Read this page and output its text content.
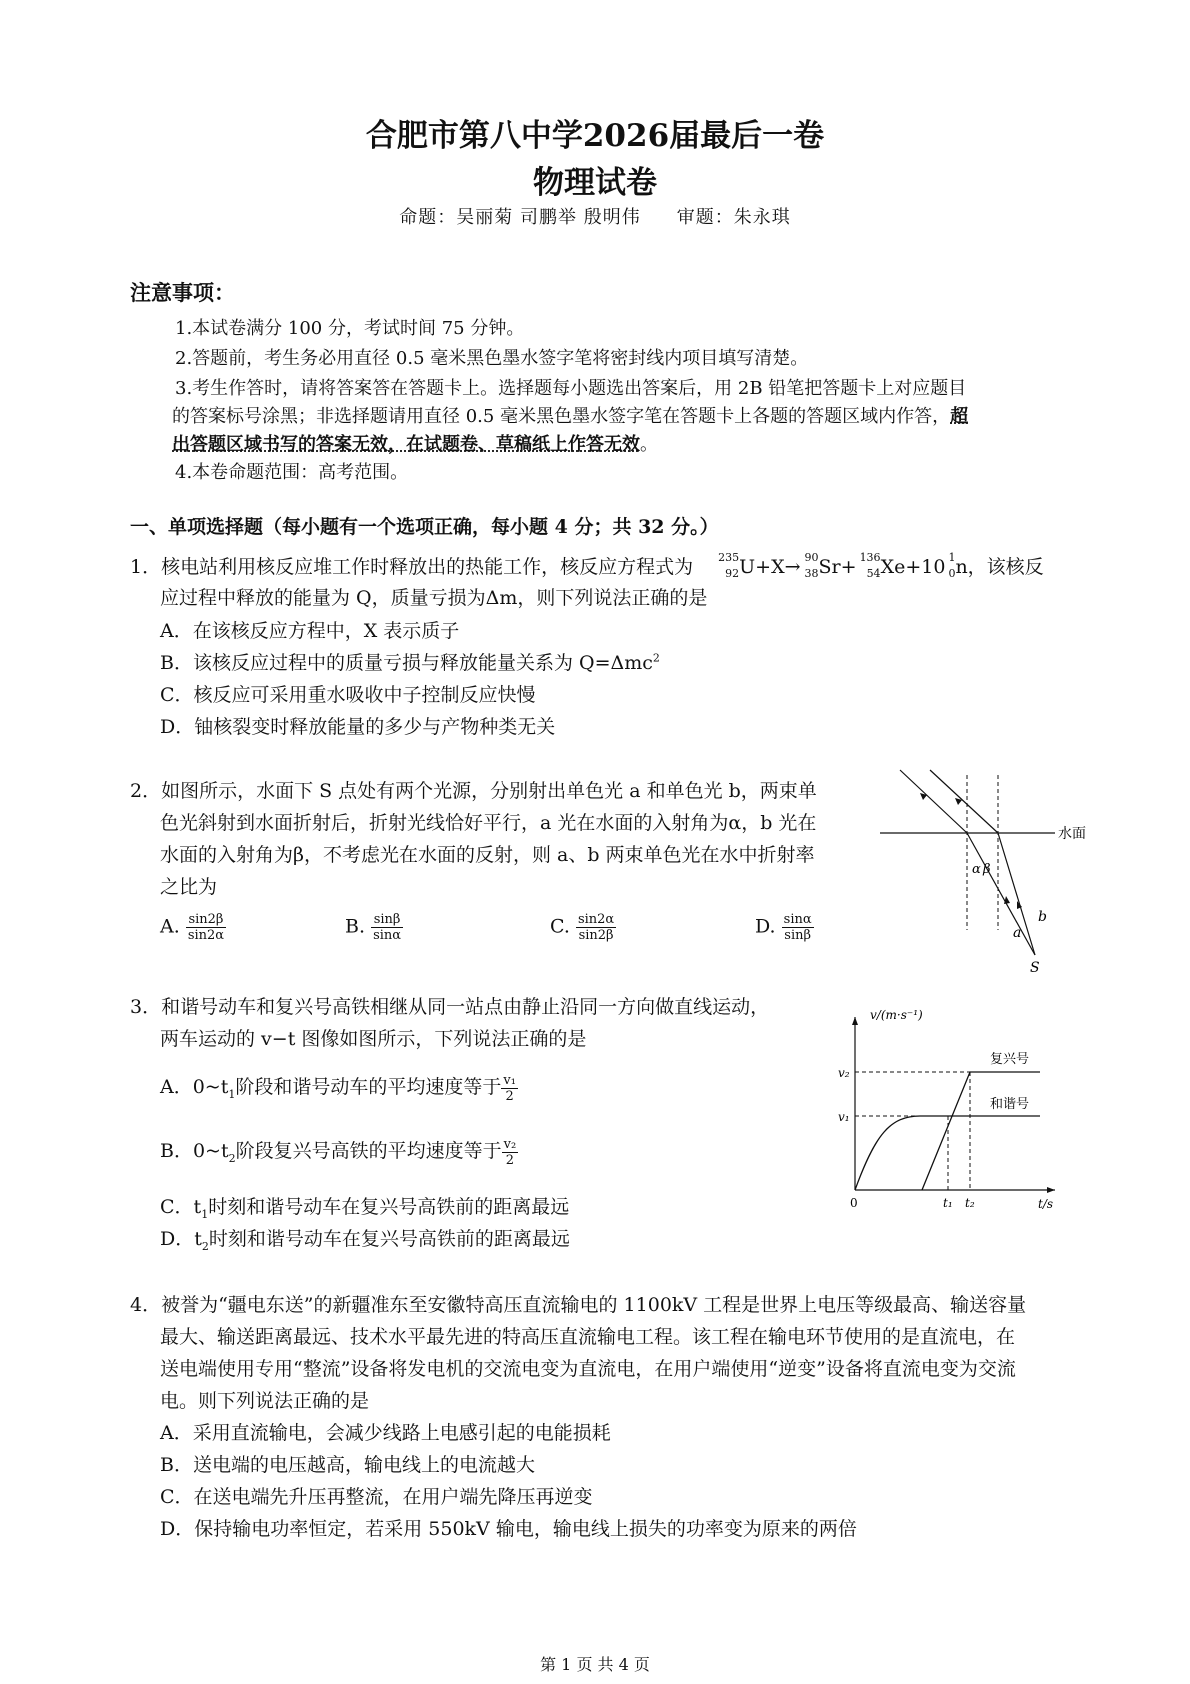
合肥市第八中学2026届最后一卷
物理试卷
命题：吴丽菊 司鹏举 殷明伟 审题：朱永琪
注意事项：
1.本试卷满分 100 分，考试时间 75 分钟。
2.答题前，考生务必用直径 0.5 毫米黑色墨水签字笔将密封线内项目填写清楚。
3.考生作答时，请将答案答在答题卡上。选择题每小题选出答案后，用 2B 铅笔把答题卡上对应题目
的答案标号涂黑；非选择题请用直径 0.5 毫米黑色墨水签字笔在答题卡上各题的答题区域内作答，超
出答题区域书写的答案无效，在试题卷、草稿纸上作答无效。
4.本卷命题范围：高考范围。
一、单项选择题（每小题有一个选项正确，每小题 4 分；共 32 分。）
1．核电站利用核反应堆工作时释放出的热能工作，核反应方程式为 235
92 U+X→ 90
38 Sr+ 136
54 Xe+10 1
0 n，该核反
应过程中释放的能量为 Q，质量亏损为Δm，则下列说法正确的是
A．在该核反应方程中，X 表示质子
B．该核反应过程中的质量亏损与释放能量关系为 Q=Δmc$^2$
C．核反应可采用重水吸收中子控制反应快慢
D．铀核裂变时释放能量的多少与产物种类无关
2．如图所示，水面下 S 点处有两个光源，分别射出单色光 a 和单色光 b，两束单
色光斜射到水面折射后，折射光线恰好平行，a 光在水面的入射角为α，b 光在
水面的入射角为β，不考虑光在水面的反射，则 a、b 两束单色光在水中折射率
之比为
A. $\frac{\sin 2\beta}{\sin 2\alpha}$	B. $\frac{\sin\beta}{\sin\alpha}$	C. $\frac{\sin 2\alpha}{\sin 2\beta}$	D. $\frac{\sin\alpha}{\sin\beta}$
水面
α β
b
a
S
3．和谐号动车和复兴号高铁相继从同一站点由静止沿同一方向做直线运动，
两车运动的 v−t 图像如图所示，下列说法正确的是
A．$0\sim t_1$阶段和谐号动车的平均速度等于 $\frac{\text{v₁}}{2}$
B．$0\sim t_2$阶段复兴号高铁的平均速度等于 $\frac{\text{v₂}}{2}$
C．$t_1$时刻和谐号动车在复兴号高铁前的距离最远
D．$t_2$时刻和谐号动车在复兴号高铁前的距离最远
v/(m·s⁻¹)
t/s
v₂
v₁
0	t₁ t₂
复兴号
和谐号
4．被誉为“疆电东送”的新疆准东至安徽特高压直流输电的 1100kV 工程是世界上电压等级最高、输送容量
最大、输送距离最远、技术水平最先进的特高压直流输电工程。该工程在输电环节使用的是直流电，在
送电端使用专用“整流”设备将发电机的交流电变为直流电，在用户端使用“逆变”设备将直流电变为交流
电。则下列说法正确的是
A．采用直流输电，会减少线路上电感引起的电能损耗
B．送电端的电压越高，输电线上的电流越大
C．在送电端先升压再整流，在用户端先降压再逆变
D．保持输电功率恒定，若采用 550kV 输电，输电线上损失的功率变为原来的两倍
第 1 页 共 4 页
